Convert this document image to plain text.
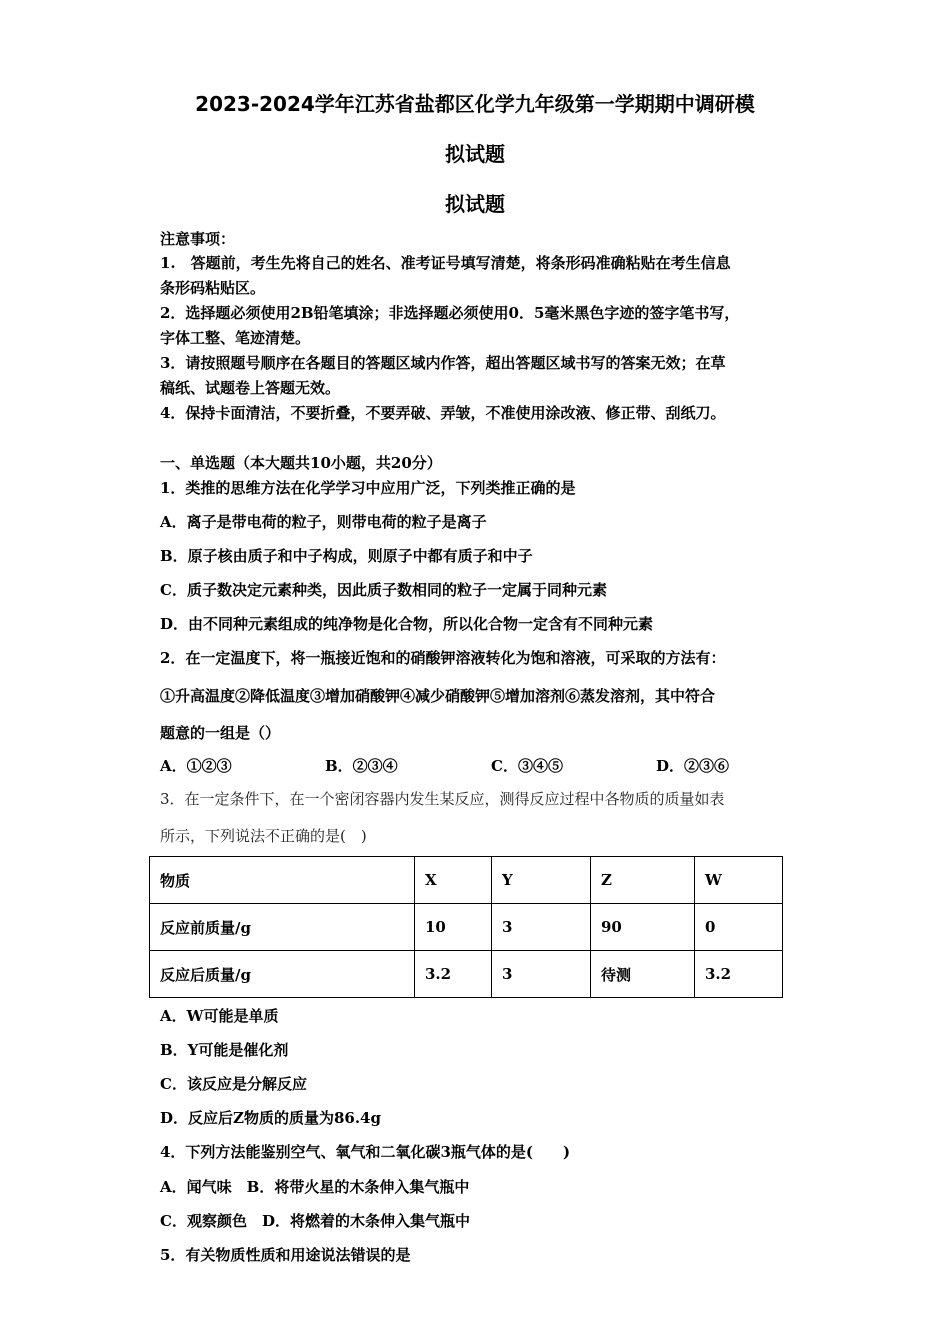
2023-2024学年江苏省盐都区化学九年级第一学期期中调研模
拟试题
拟试题
注意事项：
1.　答题前，考生先将自己的姓名、准考证号填写清楚，将条形码准确粘贴在考生信息
条形码粘贴区。
2．选择题必须使用2B铅笔填涂；非选择题必须使用0．5毫米黑色字迹的签字笔书写，
字体工整、笔迹清楚。
3．请按照题号顺序在各题目的答题区域内作答，超出答题区域书写的答案无效；在草
稿纸、试题卷上答题无效。
4．保持卡面清洁，不要折叠，不要弄破、弄皱，不准使用涂改液、修正带、刮纸刀。
一、单选题（本大题共10小题，共20分）
1．类推的思维方法在化学学习中应用广泛，下列类推正确的是
A．离子是带电荷的粒子，则带电荷的粒子是离子
B．原子核由质子和中子构成，则原子中都有质子和中子
C．质子数决定元素种类，因此质子数相同的粒子一定属于同种元素
D．由不同种元素组成的纯净物是化合物，所以化合物一定含有不同种元素
2．在一定温度下，将一瓶接近饱和的硝酸钾溶液转化为饱和溶液，可采取的方法有：
①升高温度②降低温度③增加硝酸钾④减少硝酸钾⑤增加溶剂⑥蒸发溶剂，其中符合
题意的一组是（）
A．①②③	B．②③④	C．③④⑤	D．②③⑥
3．在一定条件下，在一个密闭容器内发生某反应，测得反应过程中各物质的质量如表
所示，下列说法不正确的是(　)
物质	X	Y	Z	W
反应前质量/g	10	3	90	0
反应后质量/g	3.2	3	待测	3.2
A．W可能是单质
B．Y可能是催化剂
C．该反应是分解反应
D．反应后Z物质的质量为86.4g
4．下列方法能鉴别空气、氧气和二氧化碳3瓶气体的是(　　)
A．闻气味　B．将带火星的木条伸入集气瓶中
C．观察颜色　D．将燃着的木条伸入集气瓶中
5．有关物质性质和用途说法错误的是
